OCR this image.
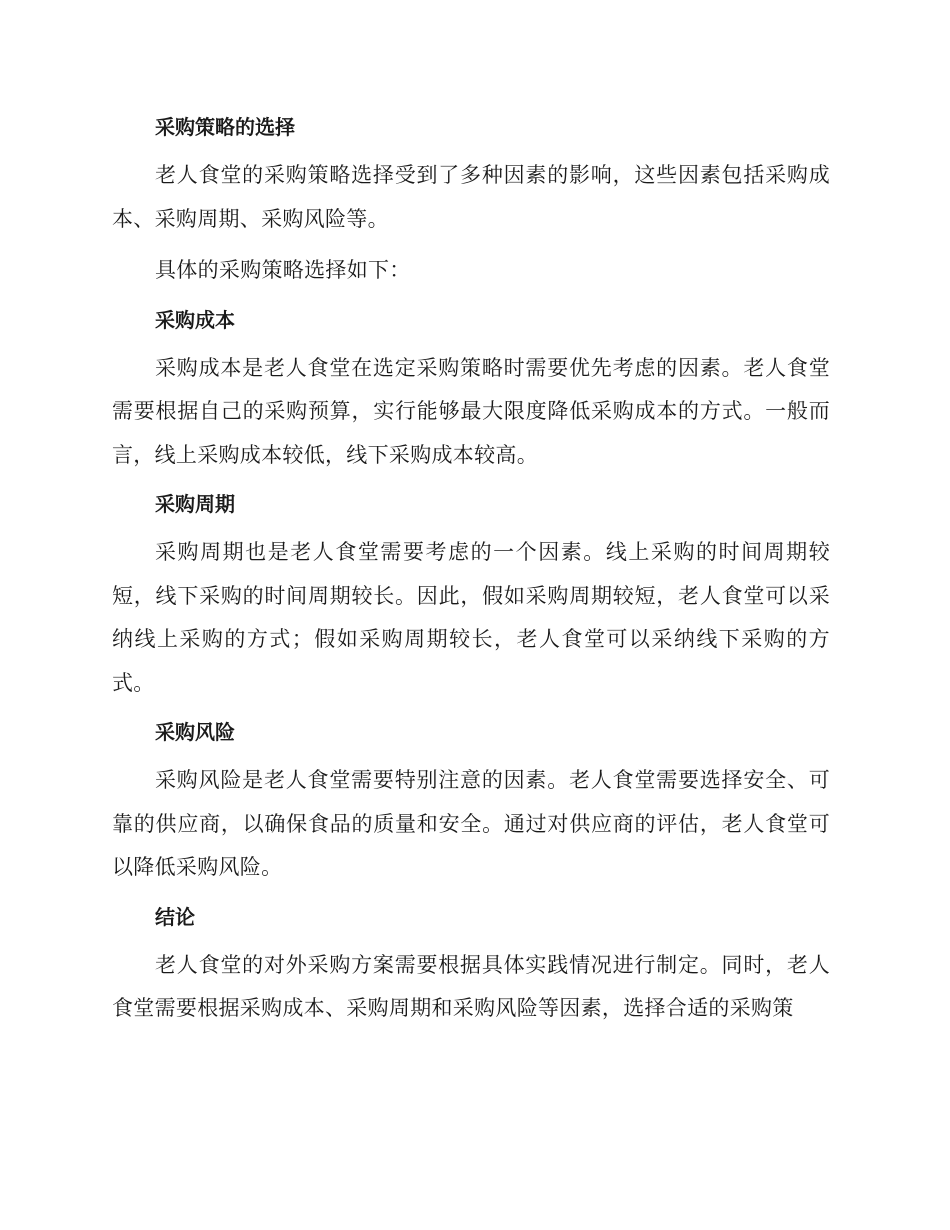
采购策略的选择

老人食堂的采购策略选择受到了多种因素的影响，这些因素包括采购成本、采购周期、采购风险等。

具体的采购策略选择如下：

采购成本

采购成本是老人食堂在选定采购策略时需要优先考虑的因素。老人食堂需要根据自己的采购预算，实行能够最大限度降低采购成本的方式。一般而言，线上采购成本较低，线下采购成本较高。

采购周期

采购周期也是老人食堂需要考虑的一个因素。线上采购的时间周期较短，线下采购的时间周期较长。因此，假如采购周期较短，老人食堂可以采纳线上采购的方式；假如采购周期较长，老人食堂可以采纳线下采购的方式。

采购风险

采购风险是老人食堂需要特别注意的因素。老人食堂需要选择安全、可靠的供应商，以确保食品的质量和安全。通过对供应商的评估，老人食堂可以降低采购风险。

结论

老人食堂的对外采购方案需要根据具体实践情况进行制定。同时，老人食堂需要根据采购成本、采购周期和采购风险等因素，选择合适的采购策
